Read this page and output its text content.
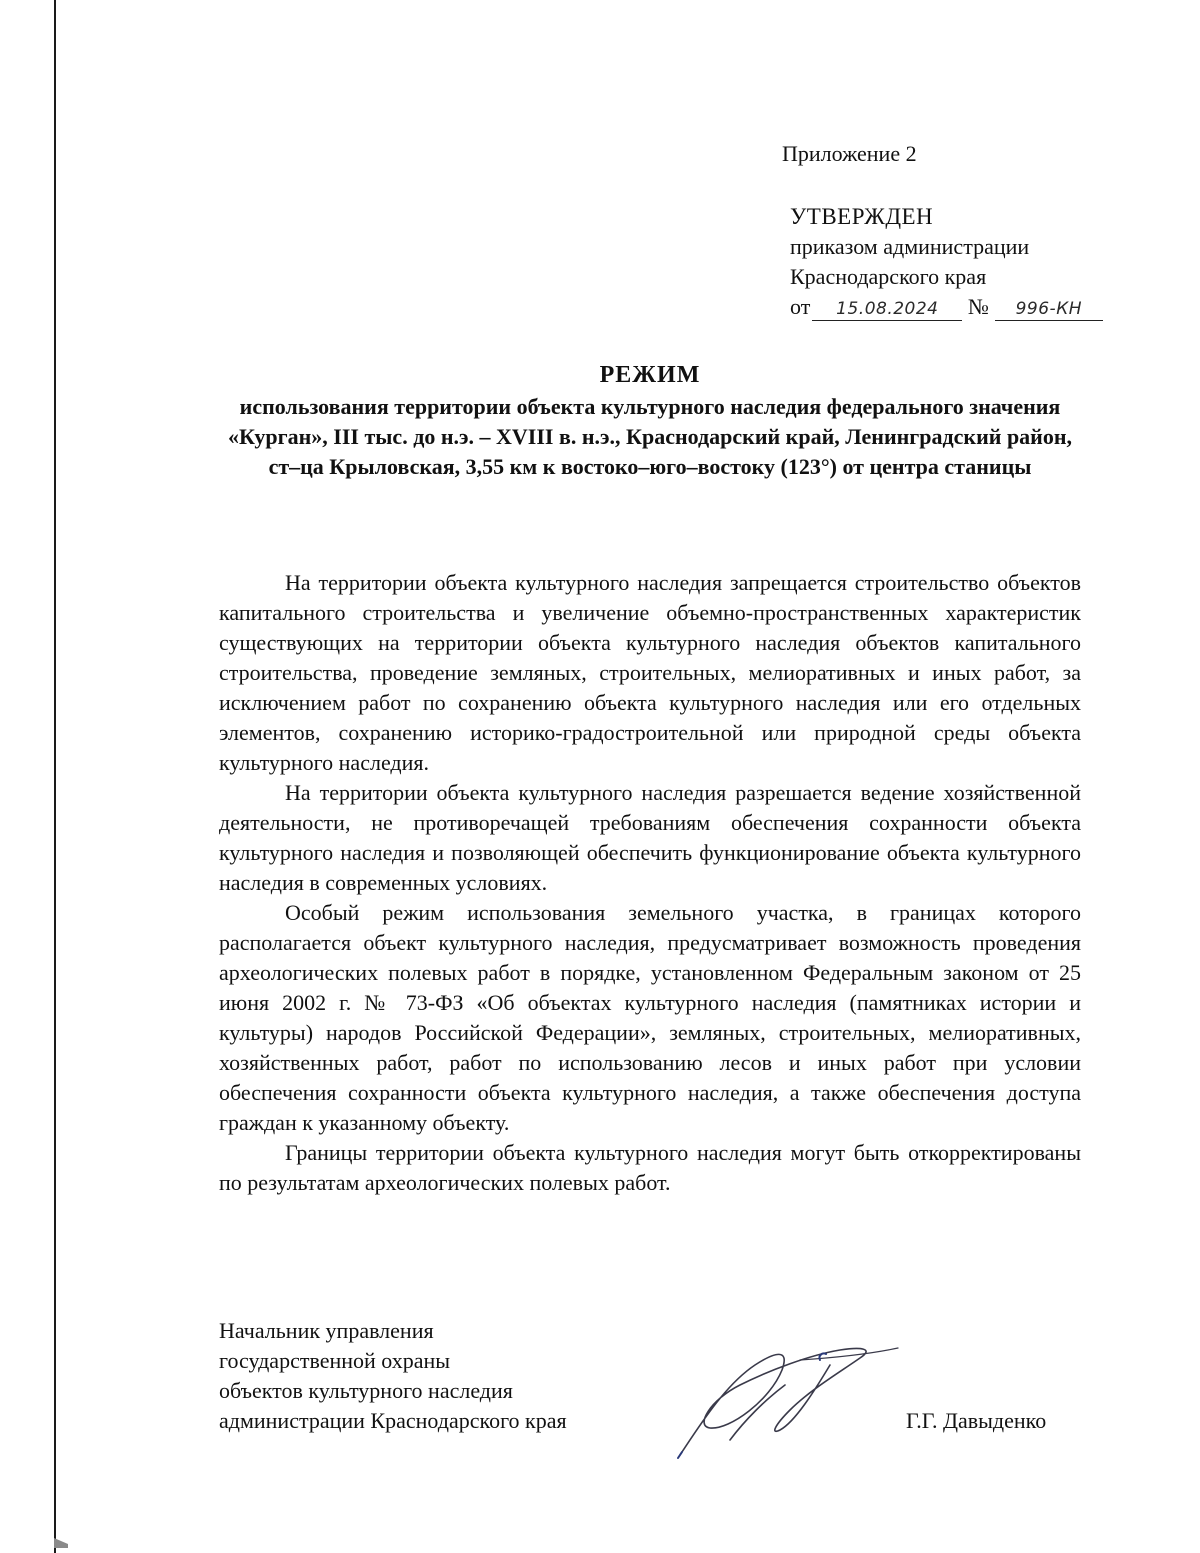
Приложение 2
УТВЕРЖДЕН
приказом администрации
Краснодарского края
от 15.08.2024 № 996-КН
РЕЖИМ
использования территории объекта культурного наследия федерального значения «Курган», III тыс. до н.э. – XVIII в. н.э., Краснодарский край, Ленинградский район, ст–ца Крыловская, 3,55 км к востоко–юго–востоку (123°) от центра станицы

На территории объекта культурного наследия запрещается строительство объектов капитального строительства и увеличение объемно-пространственных характеристик существующих на территории объекта культурного наследия объектов капитального строительства, проведение земляных, строительных, мелиоративных и иных работ, за исключением работ по сохранению объекта культурного наследия или его отдельных элементов, сохранению историко-градостроительной или природной среды объекта культурного наследия.

На территории объекта культурного наследия разрешается ведение хозяйственной деятельности, не противоречащей требованиям обеспечения сохранности объекта культурного наследия и позволяющей обеспечить функционирование объекта культурного наследия в современных условиях.

Особый режим использования земельного участка, в границах которого располагается объект культурного наследия, предусматривает возможность проведения археологических полевых работ в порядке, установленном Федеральным законом от 25 июня 2002 г. № 73-ФЗ «Об объектах культурного наследия (памятниках истории и культуры) народов Российской Федерации», земляных, строительных, мелиоративных, хозяйственных работ, работ по использованию лесов и иных работ при условии обеспечения сохранности объекта культурного наследия, а также обеспечения доступа граждан к указанному объекту.

Границы территории объекта культурного наследия могут быть откорректированы по результатам археологических полевых работ.

Начальник управления
государственной охраны
объектов культурного наследия
администрации Краснодарского края	Г.Г. Давыденко
